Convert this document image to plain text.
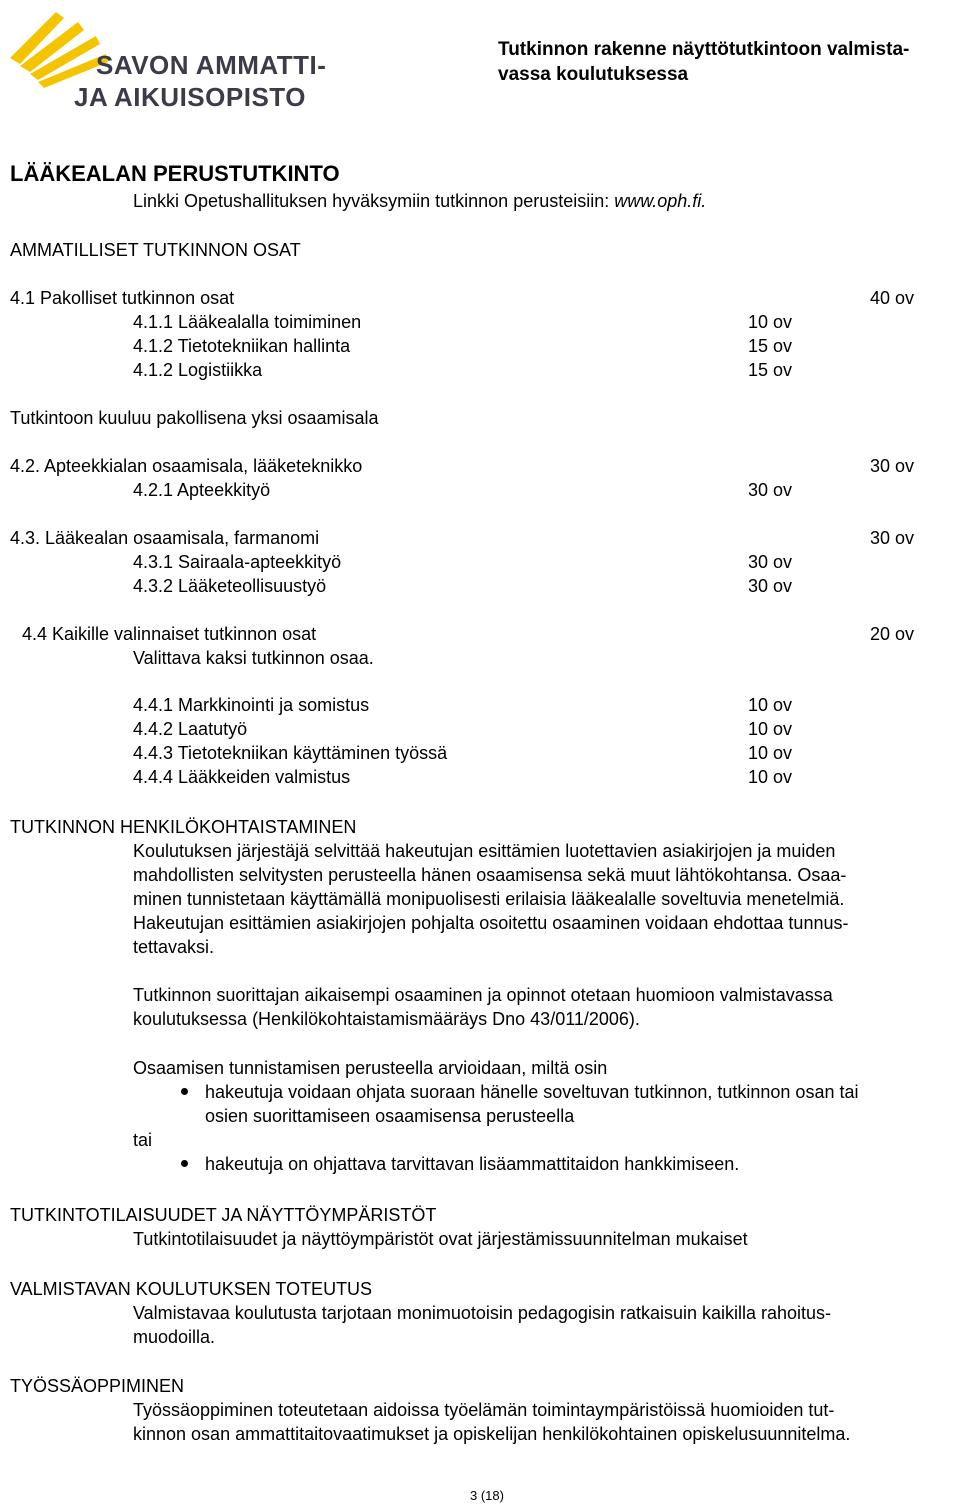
SAVON AMMATTI-
JA AIKUISOPISTO
Tutkinnon rakenne näyttötutkintoon valmista-
vassa koulutuksessa
LÄÄKEALAN PERUSTUTKINTO
Linkki Opetushallituksen hyväksymiin tutkinnon perusteisiin: www.oph.fi.
AMMATILLISET TUTKINNON OSAT
4.1 Pakolliset tutkinnon osat	40 ov
4.1.1 Lääkealalla toimiminen	10 ov
4.1.2 Tietotekniikan hallinta	15 ov
4.1.2 Logistiikka	15 ov
Tutkintoon kuuluu pakollisena yksi osaamisala
4.2. Apteekkialan osaamisala, lääketeknikko	30 ov
4.2.1 Apteekkityö	30 ov
4.3. Lääkealan osaamisala, farmanomi	30 ov
4.3.1 Sairaala-apteekkityö	30 ov
4.3.2 Lääketeollisuustyö	30 ov
4.4 Kaikille valinnaiset tutkinnon osat	20 ov
Valittava kaksi tutkinnon osaa.
4.4.1 Markkinointi ja somistus	10 ov
4.4.2 Laatutyö	10 ov
4.4.3 Tietotekniikan käyttäminen työssä	10 ov
4.4.4 Lääkkeiden valmistus	10 ov
TUTKINNON HENKILÖKOHTAISTAMINEN
Koulutuksen järjestäjä selvittää hakeutujan esittämien luotettavien asiakirjojen ja muiden
mahdollisten selvitysten perusteella hänen osaamisensa sekä muut lähtökohtansa. Osaa-
minen tunnistetaan käyttämällä monipuolisesti erilaisia lääkealalle soveltuvia menetelmiä.
Hakeutujan esittämien asiakirjojen pohjalta osoitettu osaaminen voidaan ehdottaa tunnus-
tettavaksi.
Tutkinnon suorittajan aikaisempi osaaminen ja opinnot otetaan huomioon valmistavassa
koulutuksessa (Henkilökohtaistamismääräys Dno 43/011/2006).
Osaamisen tunnistamisen perusteella arvioidaan, miltä osin
hakeutuja voidaan ohjata suoraan hänelle soveltuvan tutkinnon, tutkinnon osan tai
osien suorittamiseen osaamisensa perusteella
tai
hakeutuja on ohjattava tarvittavan lisäammattitaidon hankkimiseen.
TUTKINTOTILAISUUDET JA NÄYTTÖYMPÄRISTÖT
Tutkintotilaisuudet ja näyttöympäristöt ovat järjestämissuunnitelman mukaiset
VALMISTAVAN KOULUTUKSEN TOTEUTUS
Valmistavaa koulutusta tarjotaan monimuotoisin pedagogisin ratkaisuin kaikilla rahoitus-
muodoilla.
TYÖSSÄOPPIMINEN
Työssäoppiminen toteutetaan aidoissa työelämän toimintaympäristöissä huomioiden tut-
kinnon osan ammattitaitovaatimukset ja opiskelijan henkilökohtainen opiskelusuunnitelma.
3 (18)
